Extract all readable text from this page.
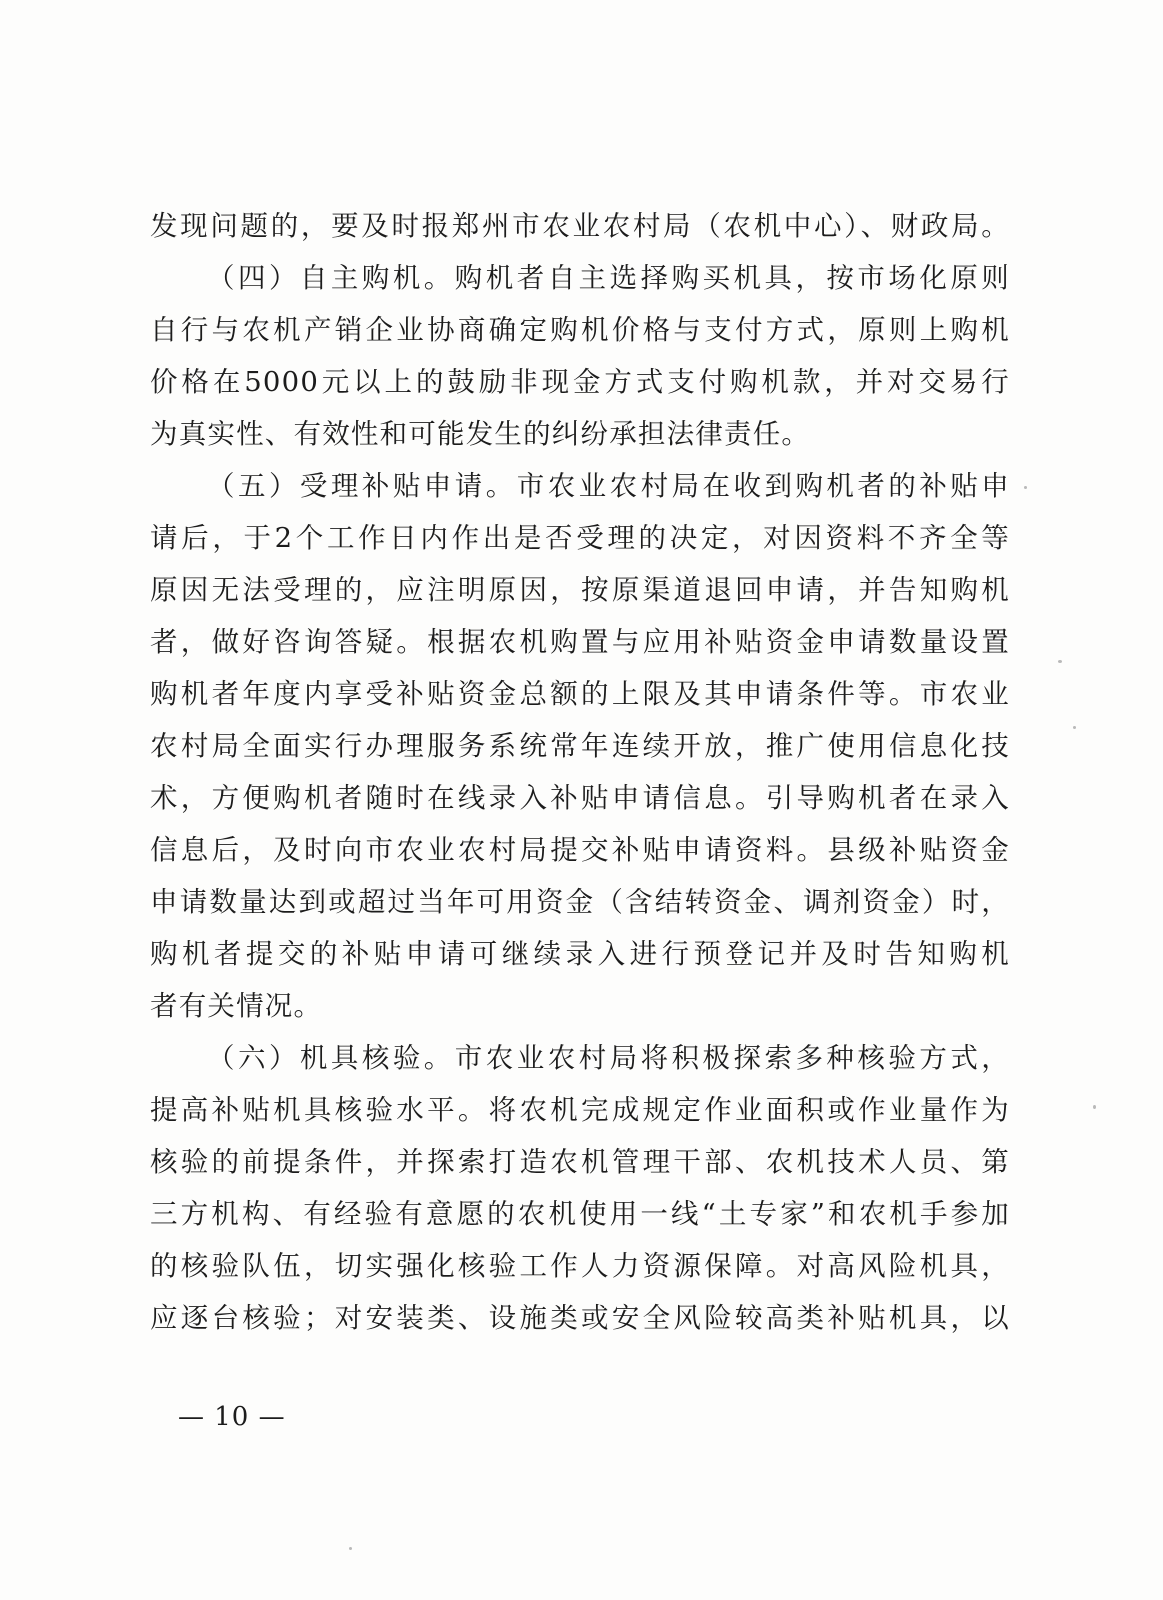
发现问题的，要及时报郑州市农业农村局（农机中心）、财政局。
（四）自主购机。购机者自主选择购买机具，按市场化原则
自行与农机产销企业协商确定购机价格与支付方式，原则上购机
价格在5000元以上的鼓励非现金方式支付购机款，并对交易行
为真实性、有效性和可能发生的纠纷承担法律责任。
（五）受理补贴申请。市农业农村局在收到购机者的补贴申
请后，于2个工作日内作出是否受理的决定，对因资料不齐全等
原因无法受理的，应注明原因，按原渠道退回申请，并告知购机
者，做好咨询答疑。根据农机购置与应用补贴资金申请数量设置
购机者年度内享受补贴资金总额的上限及其申请条件等。市农业
农村局全面实行办理服务系统常年连续开放，推广使用信息化技
术，方便购机者随时在线录入补贴申请信息。引导购机者在录入
信息后，及时向市农业农村局提交补贴申请资料。县级补贴资金
申请数量达到或超过当年可用资金（含结转资金、调剂资金）时，
购机者提交的补贴申请可继续录入进行预登记并及时告知购机
者有关情况。
（六）机具核验。市农业农村局将积极探索多种核验方式，
提高补贴机具核验水平。将农机完成规定作业面积或作业量作为
核验的前提条件，并探索打造农机管理干部、农机技术人员、第
三方机构、有经验有意愿的农机使用一线“土专家”和农机手参加
的核验队伍，切实强化核验工作人力资源保障。对高风险机具，
应逐台核验；对安装类、设施类或安全风险较高类补贴机具，以
— 10 —
